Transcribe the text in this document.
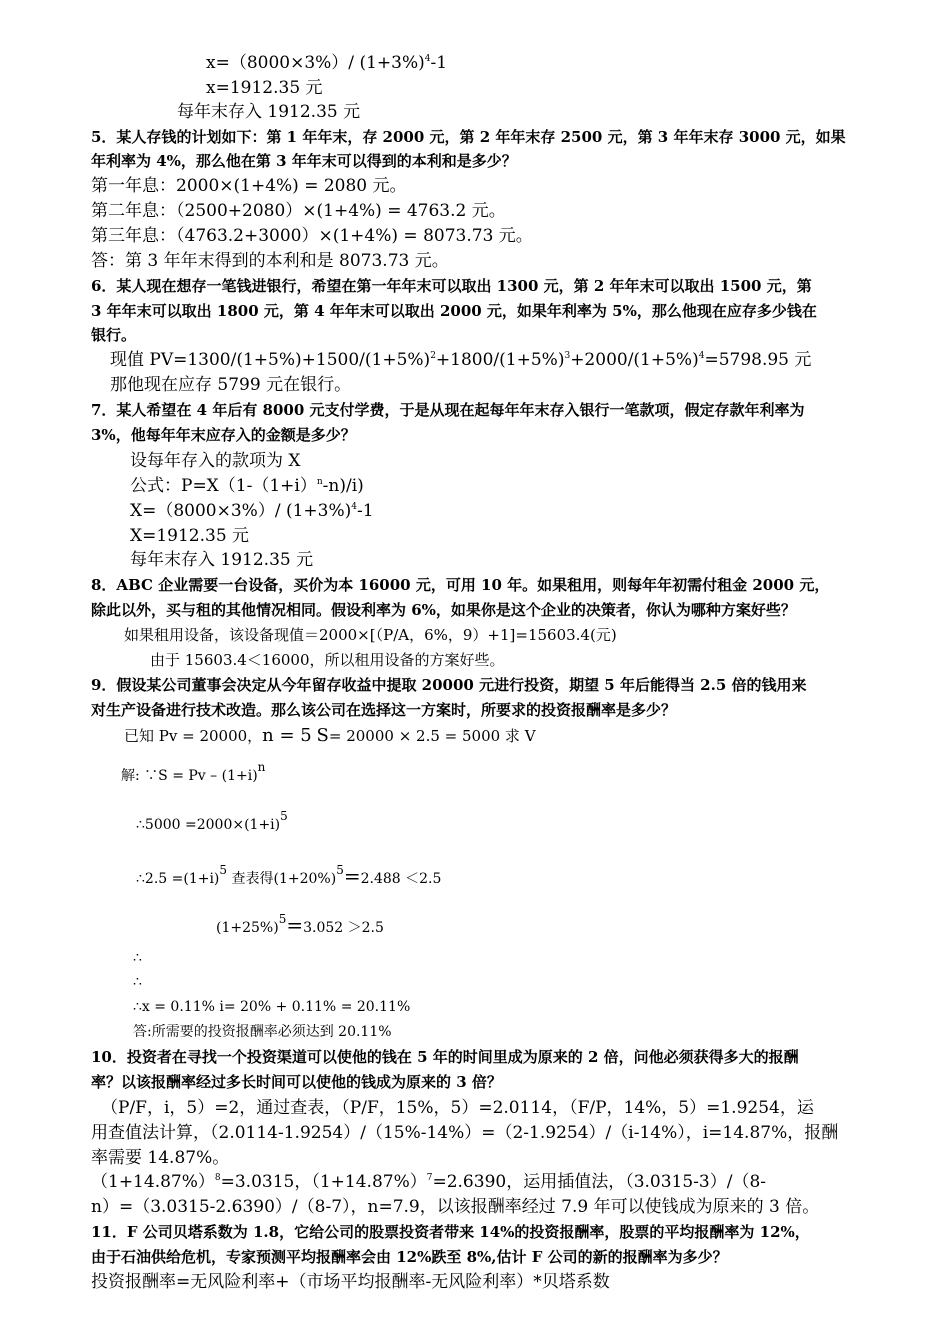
x=（8000×3%）/ $(1+3\%)^4-1$
x=1912.35 元
每年末存入 1912.35 元
5．某人存钱的计划如下：第 1 年年末，存 2000 元，第 2 年年末存 2500 元，第 3 年年末存 3000 元，如果
年利率为 4%，那么他在第 3 年年末可以得到的本利和是多少？
第一年息：2000×(1+4%) = 2080 元。
第二年息：（2500+2080）×(1+4%) = 4763.2 元。
第三年息：（4763.2+3000）×(1+4%) = 8073.73 元。
答：第 3 年年末得到的本利和是 8073.73 元。
6．某人现在想存一笔钱进银行，希望在第一年年末可以取出 1300 元，第 2 年年末可以取出 1500 元，第
3 年年末可以取出 1800 元，第 4 年年末可以取出 2000 元，如果年利率为 5%，那么他现在应存多少钱在
银行。
现值 $PV=1300/(1+5\%)+1500/(1+5\%)^2+1800/(1+5\%)^3+2000/(1+5\%)^4=5798.95$ 元
那他现在应存 5799 元在银行。
7．某人希望在 4 年后有 8000 元支付学费，于是从现在起每年年末存入银行一笔款项，假定存款年利率为
3%，他每年年末应存入的金额是多少？
设每年存入的款项为 X
公式：$P=X(1-(1+i)^n-n)/i$)
X=（8000×3%）/ $(1+3\%)^4-1$
X=1912.35 元
每年末存入 1912.35 元
8．ABC 企业需要一台设备，买价为本 16000 元，可用 10 年。如果租用，则每年年初需付租金 2000 元，
除此以外，买与租的其他情况相同。假设利率为 6%，如果你是这个企业的决策者，你认为哪种方案好些？
如果租用设备，该设备现值＝2000×[（P/A，6%，9）+1]=15603.4(元)
由于 15603.4＜16000，所以租用设备的方案好些。
9．假设某公司董事会决定从今年留存收益中提取 20000 元进行投资，期望 5 年后能得当 2.5 倍的钱用来
对生产设备进行技术改造。那么该公司在选择这一方案时，所要求的投资报酬率是多少？
已知 Pv = 20000，n = 5 S= 20000 × 2.5 = 5000 求 V
解: ∵S = $Pv - (1+i)^n$
∴5000 $=2000\times(1+i)^5$
∴2.5 $=(1+i)^5$ 查表得$(1+20\%)^5=2.488 <2.5$
$(1+25\%)^5=3.052 >2.5$
∴
∴
∴x = 0.11% i= 20% + 0.11% = 20.11%
答:所需要的投资报酬率必须达到 20.11%
10．投资者在寻找一个投资渠道可以使他的钱在 5 年的时间里成为原来的 2 倍，问他必须获得多大的报酬
率？以该报酬率经过多长时间可以使他的钱成为原来的 3 倍？
（P/F，i，5）=2，通过查表，（P/F，15%，5）=2.0114，（F/P，14%，5）=1.9254，运
用查值法计算，（2.0114-1.9254）/（15%-14%）=（2-1.9254）/（i-14%），i=14.87%，报酬
率需要 14.87%。
$(1+14.87\%)^8=3.0315$，$(1+14.87\%)^7=2.6390$，运用插值法，（3.0315-3）/（8-
n）=（3.0315-2.6390）/（8-7），n=7.9，以该报酬率经过 7.9 年可以使钱成为原来的 3 倍。
11．F 公司贝塔系数为 1.8，它给公司的股票投资者带来 14%的投资报酬率，股票的平均报酬率为 12%，
由于石油供给危机，专家预测平均报酬率会由 12%跌至 8%,估计 F 公司的新的报酬率为多少？
投资报酬率=无风险利率+（市场平均报酬率-无风险利率）*贝塔系数
